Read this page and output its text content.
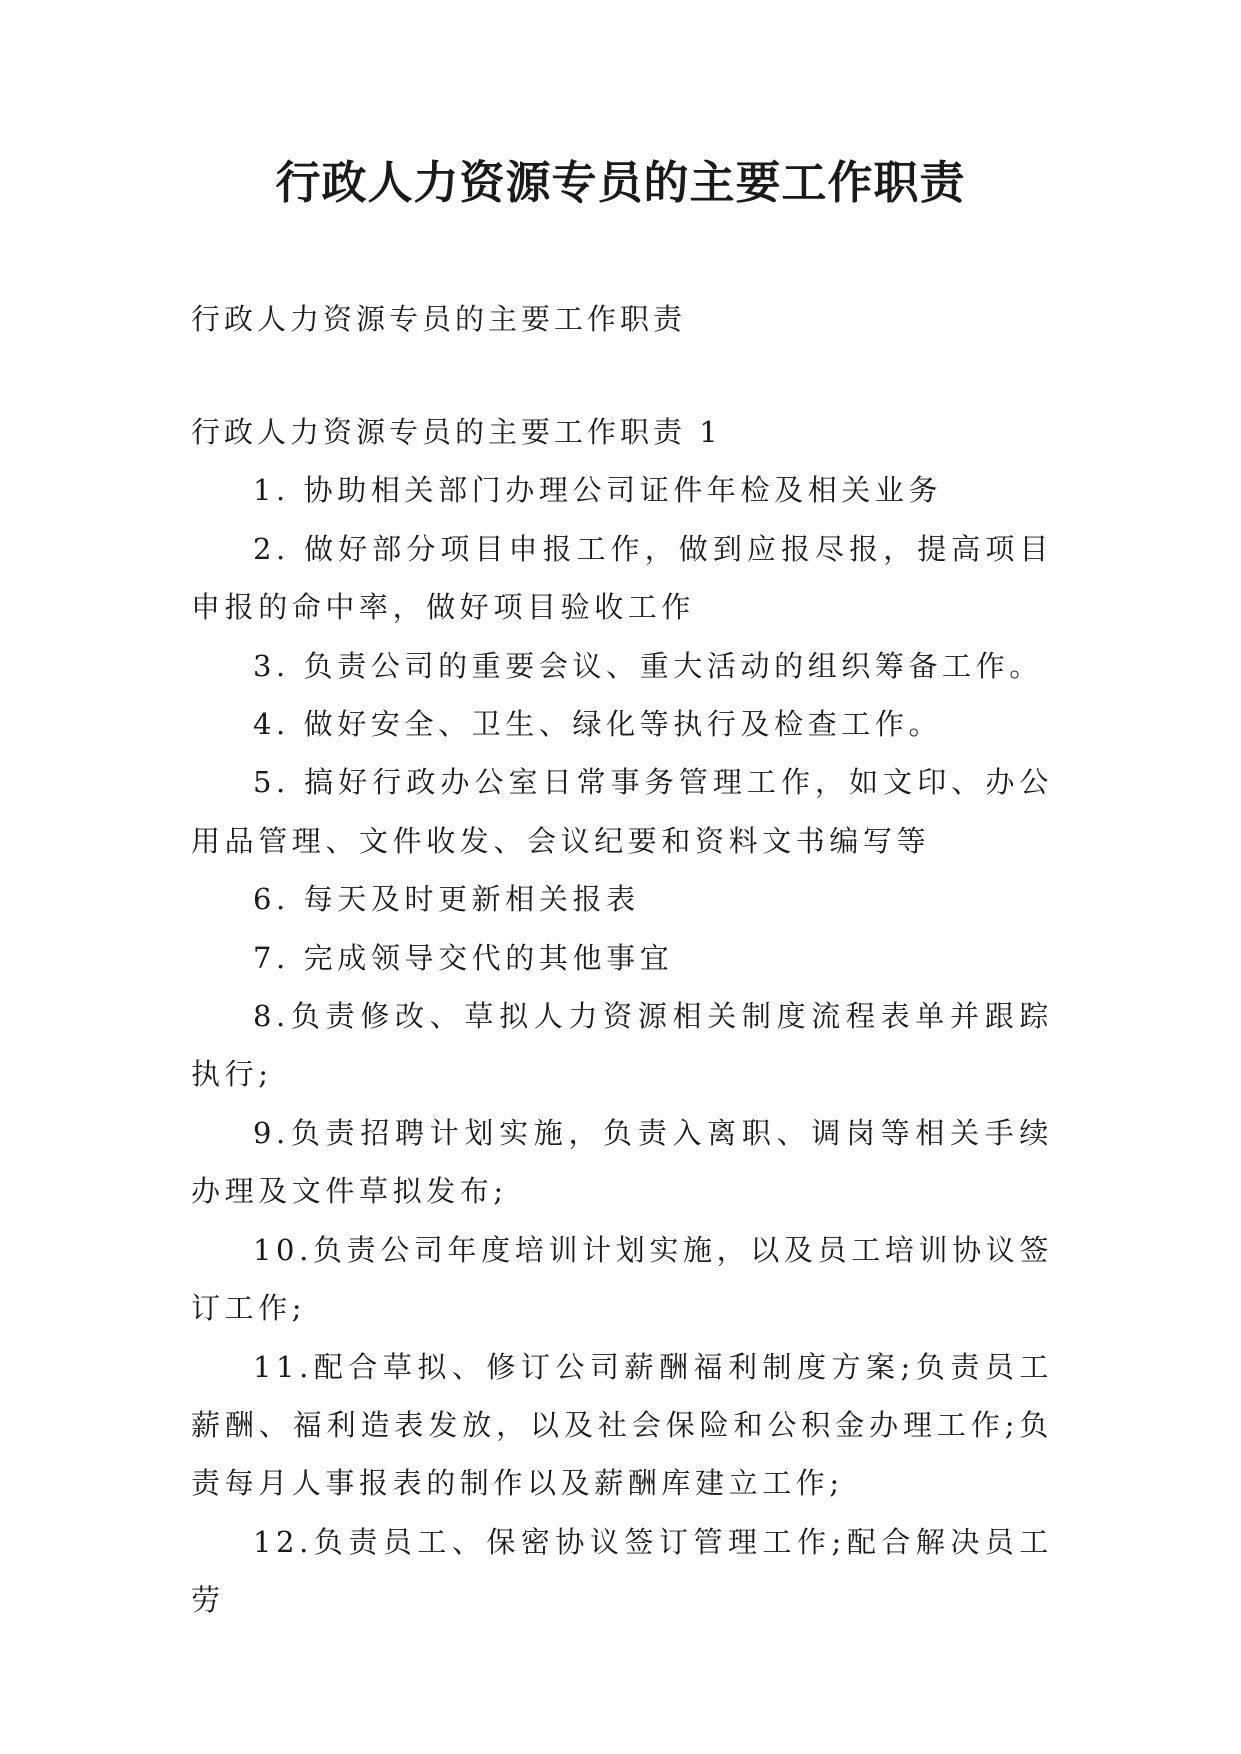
行政人力资源专员的主要工作职责

行政人力资源专员的主要工作职责

行政人力资源专员的主要工作职责 1

1. 协助相关部门办理公司证件年检及相关业务

2. 做好部分项目申报工作，做到应报尽报，提高项目申报的命中率，做好项目验收工作

3. 负责公司的重要会议、重大活动的组织筹备工作。

4. 做好安全、卫生、绿化等执行及检查工作。

5. 搞好行政办公室日常事务管理工作，如文印、办公用品管理、文件收发、会议纪要和资料文书编写等

6. 每天及时更新相关报表

7. 完成领导交代的其他事宜

8.负责修改、草拟人力资源相关制度流程表单并跟踪执行;

9.负责招聘计划实施，负责入离职、调岗等相关手续办理及文件草拟发布;

10.负责公司年度培训计划实施，以及员工培训协议签订工作;

11.配合草拟、修订公司薪酬福利制度方案;负责员工薪酬、福利造表发放，以及社会保险和公积金办理工作;负责每月人事报表的制作以及薪酬库建立工作;

12.负责员工、保密协议签订管理工作;配合解决员工劳
